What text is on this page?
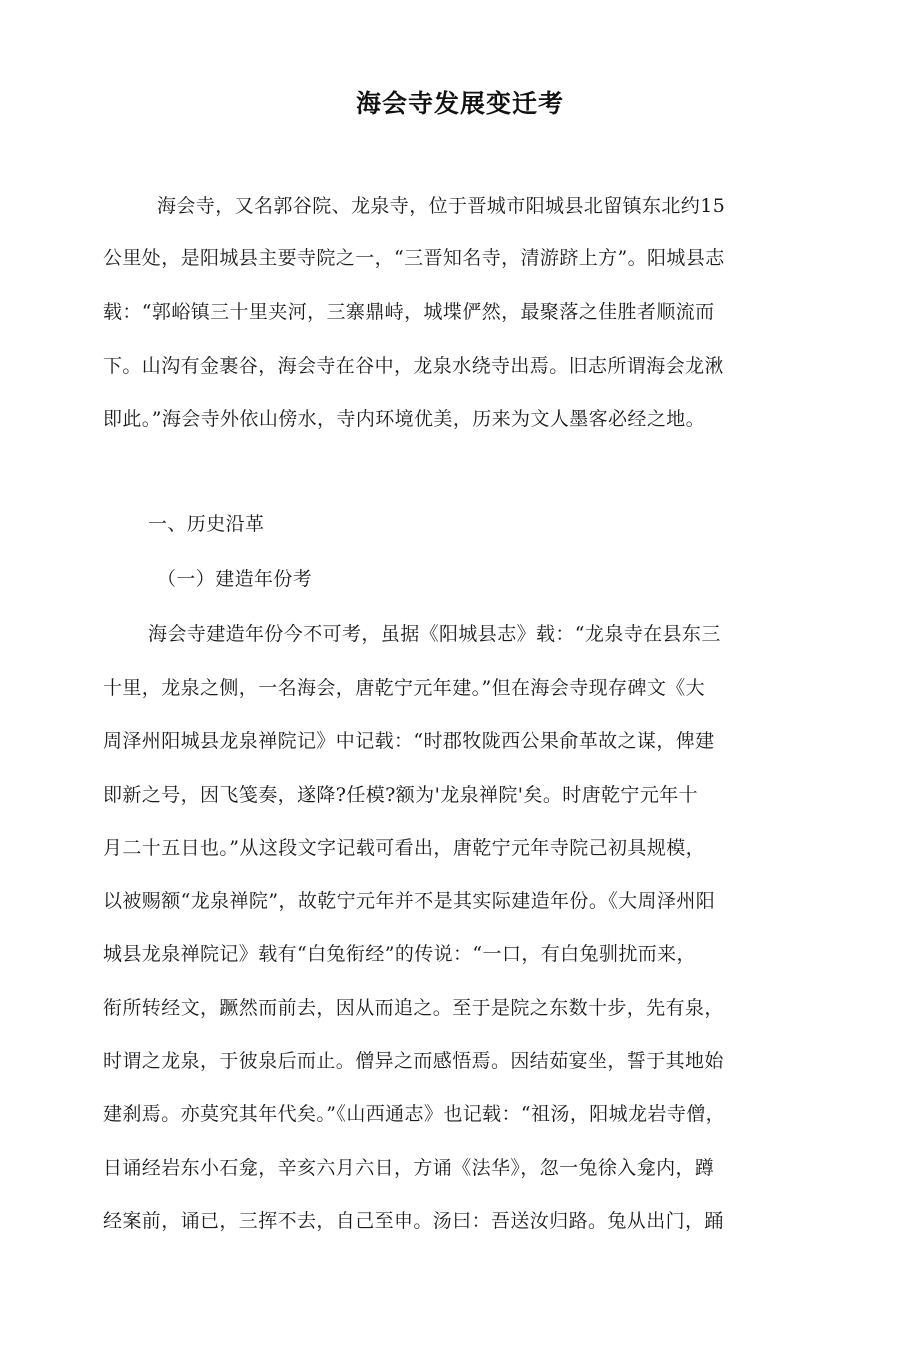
海会寺发展变迁考
海会寺，又名郭谷院、龙泉寺，位于晋城市阳城县北留镇东北约15
公里处，是阳城县主要寺院之一，“三晋知名寺，清游跻上方”。阳城县志
载：“郭峪镇三十里夹河，三寨鼎峙，城堞俨然，最聚落之佳胜者顺流而
下。山沟有金裹谷，海会寺在谷中，龙泉水绕寺出焉。旧志所谓海会龙湫
即此。”海会寺外依山傍水，寺内环境优美，历来为文人墨客必经之地。
一、历史沿革
（一）建造年份考
海会寺建造年份今不可考，虽据《阳城县志》载：“龙泉寺在县东三
十里，龙泉之侧，一名海会，唐乾宁元年建。”但在海会寺现存碑文《大
周泽州阳城县龙泉禅院记》中记载：“时郡牧陇西公果俞革故之谋，俾建
即新之号，因飞笺奏，遂降?任模?额为'龙泉禅院'矣。时唐乾宁元年十
月二十五日也。”从这段文字记载可看出，唐乾宁元年寺院己初具规模，
以被赐额“龙泉禅院”，故乾宁元年并不是其实际建造年份。《大周泽州阳
城县龙泉禅院记》载有“白兔衔经”的传说：“一口，有白兔驯扰而来，
衔所转经文，蹶然而前去，因从而追之。至于是院之东数十步，先有泉，
时谓之龙泉，于彼泉后而止。僧异之而感悟焉。因结茹宴坐，誓于其地始
建刹焉。亦莫究其年代矣。”《山西通志》也记载：“祖汤，阳城龙岩寺僧，
日诵经岩东小石龛，辛亥六月六日，方诵《法华》，忽一兔徐入龛内，蹲
经案前，诵已，三挥不去，自己至申。汤曰：吾送汝归路。兔从出门，踊
